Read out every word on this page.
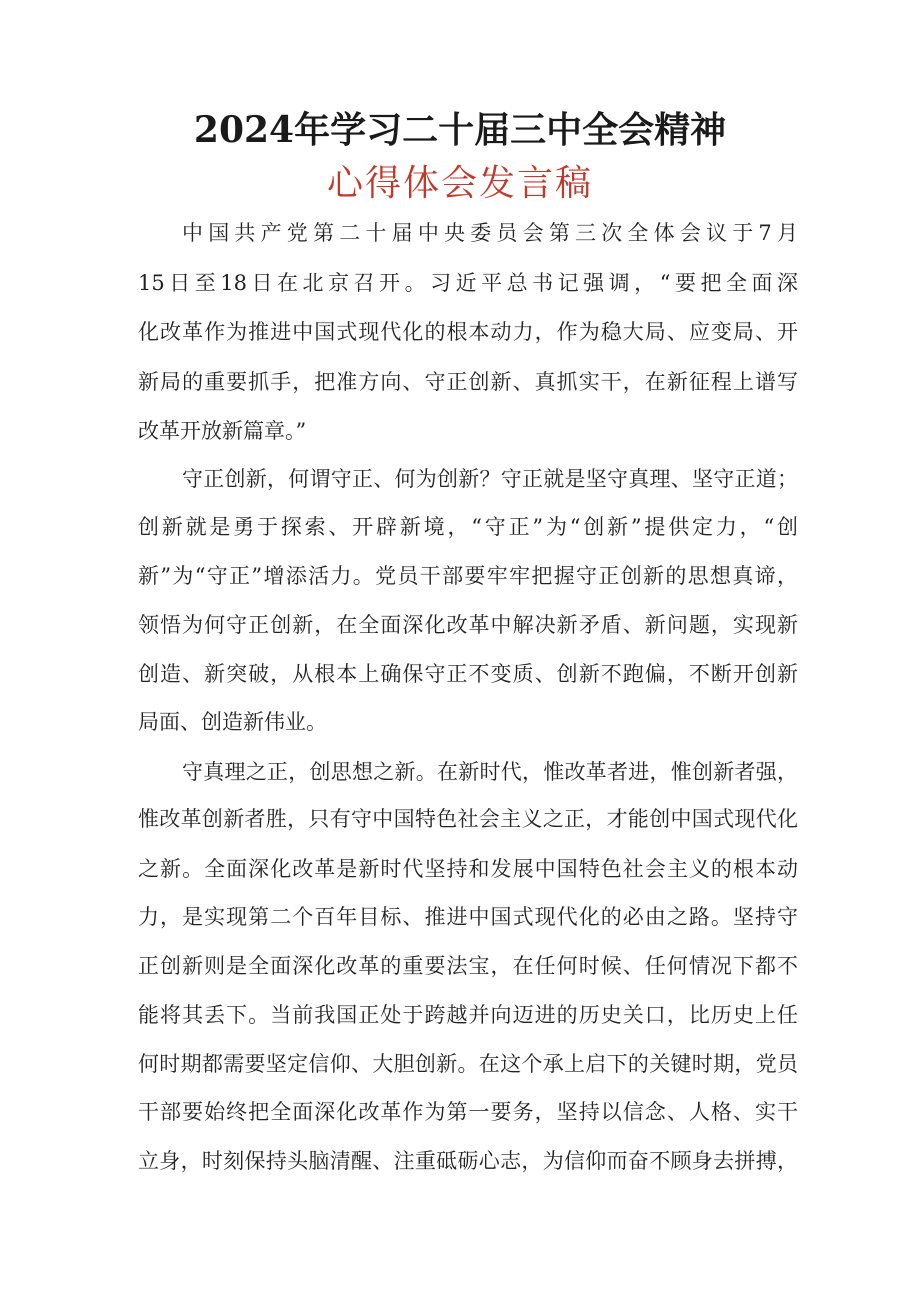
2024年学习二十届三中全会精神
心得体会发言稿
中国共产党第二十届中央委员会第三次全体会议于7月
15日至18日在北京召开。习近平总书记强调，“要把全面深
化改革作为推进中国式现代化的根本动力，作为稳大局、应变局、开
新局的重要抓手，把准方向、守正创新、真抓实干，在新征程上谱写
改革开放新篇章。”
守正创新，何谓守正、何为创新？守正就是坚守真理、坚守正道；
创新就是勇于探索、开辟新境，“守正”为“创新”提供定力，“创
新”为“守正”增添活力。党员干部要牢牢把握守正创新的思想真谛，
领悟为何守正创新，在全面深化改革中解决新矛盾、新问题，实现新
创造、新突破，从根本上确保守正不变质、创新不跑偏，不断开创新
局面、创造新伟业。
守真理之正，创思想之新。在新时代，惟改革者进，惟创新者强，
惟改革创新者胜，只有守中国特色社会主义之正，才能创中国式现代化
之新。全面深化改革是新时代坚持和发展中国特色社会主义的根本动
力，是实现第二个百年目标、推进中国式现代化的必由之路。坚持守
正创新则是全面深化改革的重要法宝，在任何时候、任何情况下都不
能将其丢下。当前我国正处于跨越并向迈进的历史关口，比历史上任
何时期都需要坚定信仰、大胆创新。在这个承上启下的关键时期，党员
干部要始终把全面深化改革作为第一要务，坚持以信念、人格、实干
立身，时刻保持头脑清醒、注重砥砺心志，为信仰而奋不顾身去拼搏，
